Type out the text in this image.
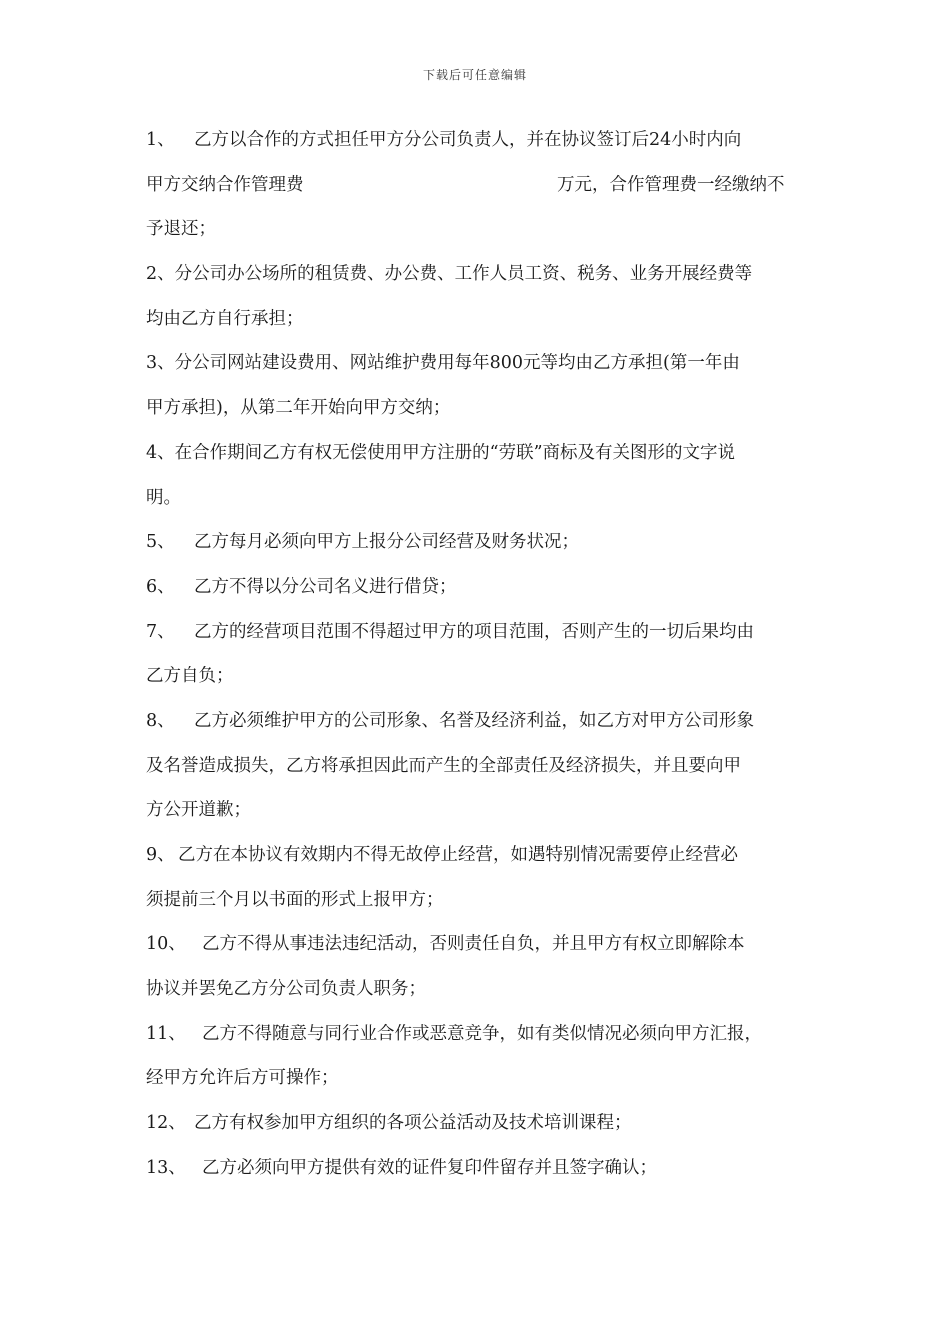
下载后可任意编辑
1、 乙方以合作的方式担任甲方分公司负责人，并在协议签订后24小时内向
甲方交纳合作管理费	万元，合作管理费一经缴纳不
予退还；
2、分公司办公场所的租赁费、办公费、工作人员工资、税务、业务开展经费等
均由乙方自行承担；
3、分公司网站建设费用、网站维护费用每年800元等均由乙方承担(第一年由
甲方承担)，从第二年开始向甲方交纳；
4、在合作期间乙方有权无偿使用甲方注册的“劳联”商标及有关图形的文字说
明。
5、 乙方每月必须向甲方上报分公司经营及财务状况；
6、 乙方不得以分公司名义进行借贷；
7、 乙方的经营项目范围不得超过甲方的项目范围，否则产生的一切后果均由
乙方自负；
8、 乙方必须维护甲方的公司形象、名誉及经济利益，如乙方对甲方公司形象
及名誉造成损失，乙方将承担因此而产生的全部责任及经济损失，并且要向甲
方公开道歉；
9、 乙方在本协议有效期内不得无故停止经营，如遇特别情况需要停止经营必
须提前三个月以书面的形式上报甲方；
10、 乙方不得从事违法违纪活动，否则责任自负，并且甲方有权立即解除本
协议并罢免乙方分公司负责人职务；
11、 乙方不得随意与同行业合作或恶意竞争，如有类似情况必须向甲方汇报，
经甲方允许后方可操作；
12、 乙方有权参加甲方组织的各项公益活动及技术培训课程；
13、 乙方必须向甲方提供有效的证件复印件留存并且签字确认；
